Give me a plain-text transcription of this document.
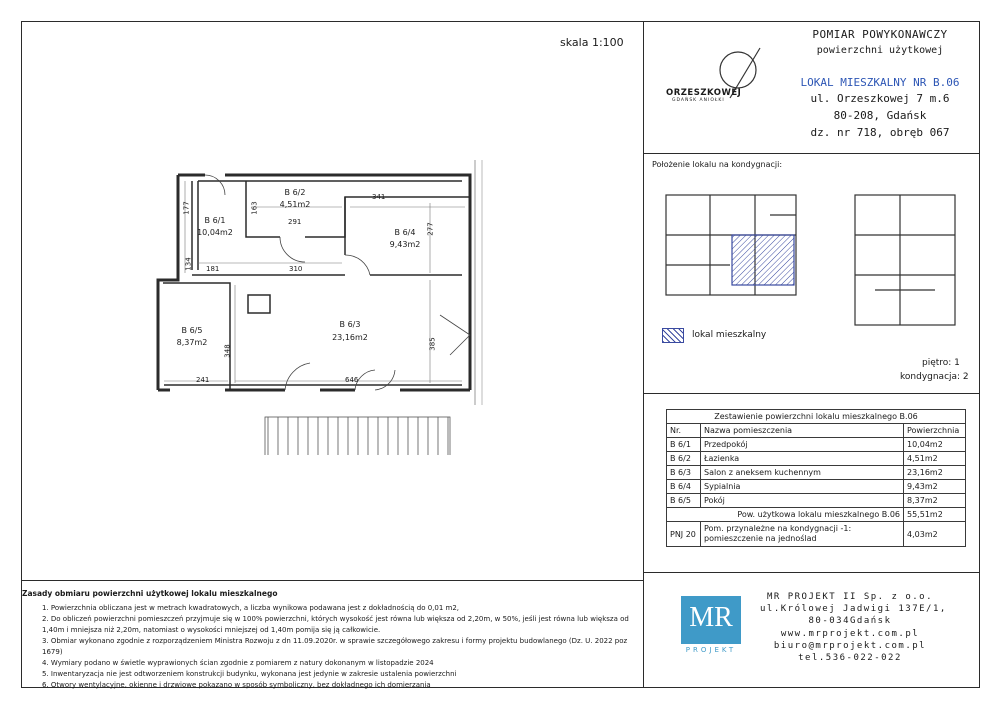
skala 1:100
POMIAR POWYKONAWCZY
powierzchni użytkowej
LOKAL MIESZKALNY NR B.06
ul. Orzeszkowej 7 m.6
80-208, Gdańsk
dz. nr 718, obręb 067
ORZESZKOWEJ
GDAŃSK ANIOŁKI
B 6/1
10,04m2
B 6/2
4,51m2
B 6/4
9,43m2
B 6/5
8,37m2
B 6/3
23,16m2
177	163
134
291
341
277
181	310
348
385
241	646
Położenie lokalu na kondygnacji:
lokal mieszkalny
piętro: 1
kondygnacja: 2
Zestawienie powierzchni lokalu mieszkalnego B.06		
Nr.	Nazwa pomieszczenia	Powierzchnia
B 6/1	Przedpokój	10,04m2
B 6/2	Łazienka	4,51m2
B 6/3	Salon z aneksem kuchennym	23,16m2
B 6/4	Sypialnia	9,43m2
B 6/5	Pokój	8,37m2
Pow. użytkowa lokalu mieszkalnego B.06		55,51m2
PNJ 20	Pom. przynależne na kondygnacji -1:
pomieszczenie na jednoślad	4,03m2
Zasady obmiaru powierzchni użytkowej lokalu mieszkalnego
1. Powierzchnia obliczana jest w metrach kwadratowych, a liczba wynikowa podawana jest z dokładnością do 0,01 m2,
2. Do obliczeń powierzchni pomieszczeń przyjmuje się w 100% powierzchni, których wysokość jest równa lub większa od 2,20m, w 50%, jeśli jest równa lub większa od 1,40m i mniejsza niż 2,20m, natomiast o wysokości mniejszej od 1,40m pomija się ją całkowicie.
3. Obmiar wykonano zgodnie z rozporządzeniem Ministra Rozwoju z dn 11.09.2020r. w sprawie szczegółowego zakresu i formy projektu budowlanego (Dz. U. 2022 poz 1679)
4. Wymiary podano w świetle wyprawionych ścian zgodnie z pomiarem z natury dokonanym w listopadzie 2024
5. Inwentaryzacja nie jest odtworzeniem konstrukcji budynku, wykonana jest jedynie w zakresie ustalenia powierzchni
6. Otwory wentylacyjne, okienne i drzwiowe pokazano w sposób symboliczny, bez dokładnego ich domierzania
MR
PROJEKT
MR PROJEKT II Sp. z o.o.
ul.Królowej Jadwigi 137E/1,
80-034Gdańsk
www.mrprojekt.com.pl
biuro@mrprojekt.com.pl
tel.536-022-022
